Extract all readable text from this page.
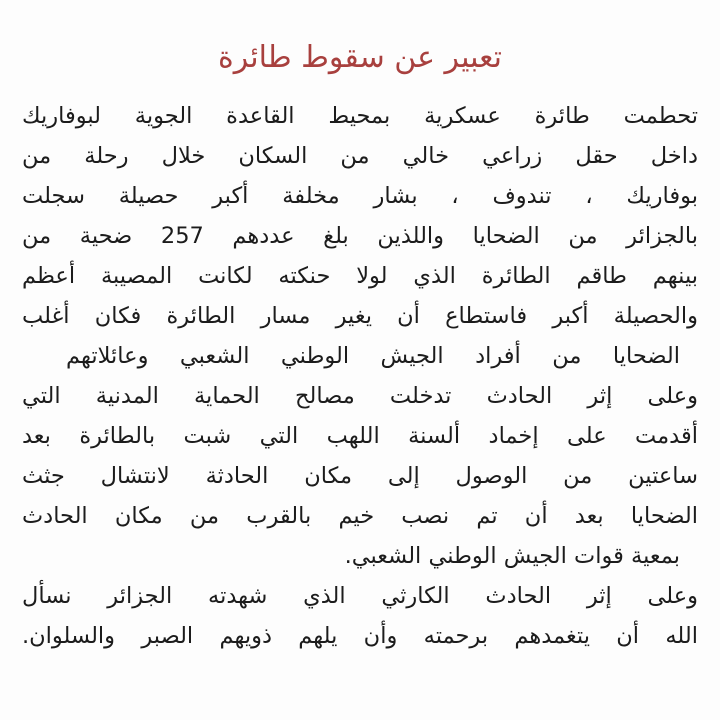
تعبير عن سقوط طائرة
تحطمت طائرة عسكرية بمحيط القاعدة الجوية لبوفاريك
داخل حقل زراعي خالي من السكان خلال رحلة من
بوفاريك ، تندوف ، بشار مخلفة أكبر حصيلة سجلت
بالجزائر من الضحايا واللذين بلغ عددهم 257 ضحية من
بينهم طاقم الطائرة الذي لولا حنكته لكانت المصيبة أعظم
والحصيلة أكبر فاستطاع أن يغير مسار الطائرة فكان أغلب
الضحايا من أفراد الجيش الوطني الشعبي وعائلاتهم
وعلى إثر الحادث تدخلت مصالح الحماية المدنية التي
أقدمت على إخماد ألسنة اللهب التي شبت بالطائرة بعد
ساعتين من الوصول إلى مكان الحادثة لانتشال جثث
الضحايا بعد أن تم نصب خيم بالقرب من مكان الحادث
بمعية قوات الجيش الوطني الشعبي.
وعلى إثر الحادث الكارثي الذي شهدته الجزائر نسأل
الله أن يتغمدهم برحمته وأن يلهم ذويهم الصبر والسلوان.
